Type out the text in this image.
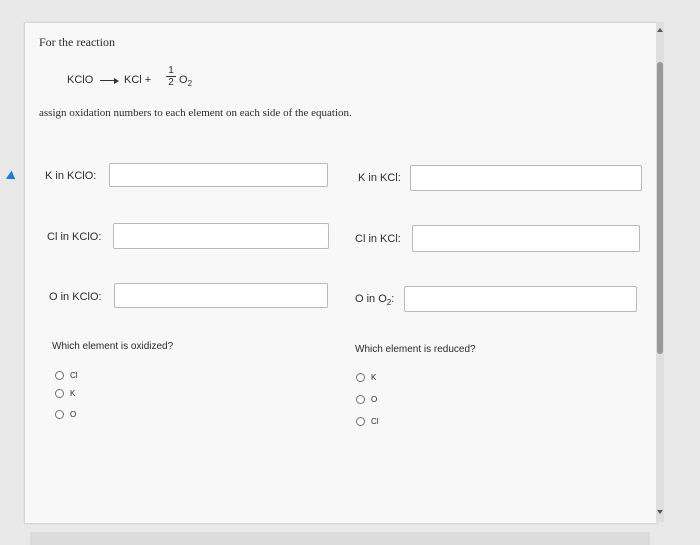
For the reaction
KClO	KCl + $\frac{1}{2} O_2$
assign oxidation numbers to each element on each side of the equation.
K in KClO:	K in KCl:
Cl in KClO:	Cl in KCl:
O in KClO:	O in $O_2$:
Which element is oxidized?	Which element is reduced?
Cl
K
O
K
O
Cl
